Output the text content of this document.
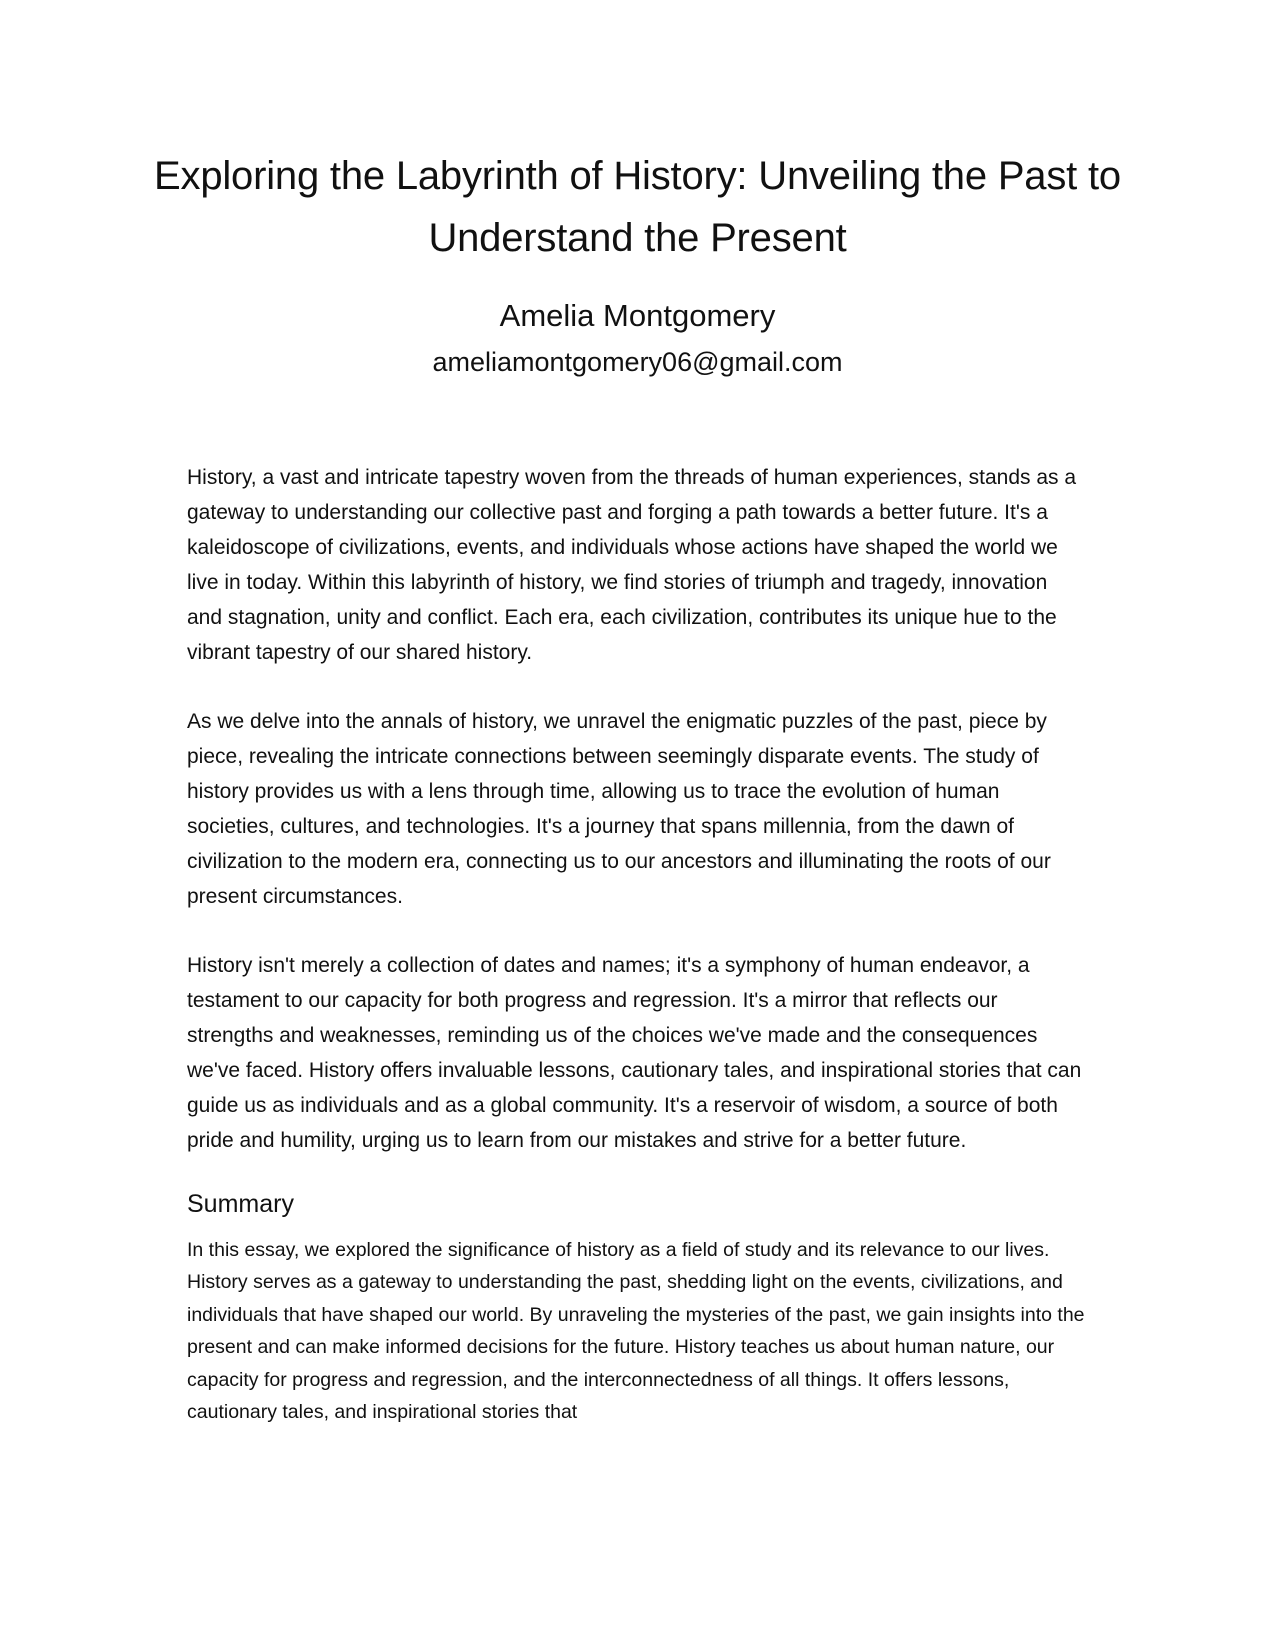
Exploring the Labyrinth of History: Unveiling the Past to Understand the Present

Amelia Montgomery

ameliamontgomery06@gmail.com

History, a vast and intricate tapestry woven from the threads of human experiences, stands as a gateway to understanding our collective past and forging a path towards a better future. It's a kaleidoscope of civilizations, events, and individuals whose actions have shaped the world we live in today. Within this labyrinth of history, we find stories of triumph and tragedy, innovation and stagnation, unity and conflict. Each era, each civilization, contributes its unique hue to the vibrant tapestry of our shared history.

As we delve into the annals of history, we unravel the enigmatic puzzles of the past, piece by piece, revealing the intricate connections between seemingly disparate events. The study of history provides us with a lens through time, allowing us to trace the evolution of human societies, cultures, and technologies. It's a journey that spans millennia, from the dawn of civilization to the modern era, connecting us to our ancestors and illuminating the roots of our present circumstances.

History isn't merely a collection of dates and names; it's a symphony of human endeavor, a testament to our capacity for both progress and regression. It's a mirror that reflects our strengths and weaknesses, reminding us of the choices we've made and the consequences we've faced. History offers invaluable lessons, cautionary tales, and inspirational stories that can guide us as individuals and as a global community. It's a reservoir of wisdom, a source of both pride and humility, urging us to learn from our mistakes and strive for a better future.

Summary

In this essay, we explored the significance of history as a field of study and its relevance to our lives. History serves as a gateway to understanding the past, shedding light on the events, civilizations, and individuals that have shaped our world. By unraveling the mysteries of the past, we gain insights into the present and can make informed decisions for the future. History teaches us about human nature, our capacity for progress and regression, and the interconnectedness of all things. It offers lessons, cautionary tales, and inspirational stories that
